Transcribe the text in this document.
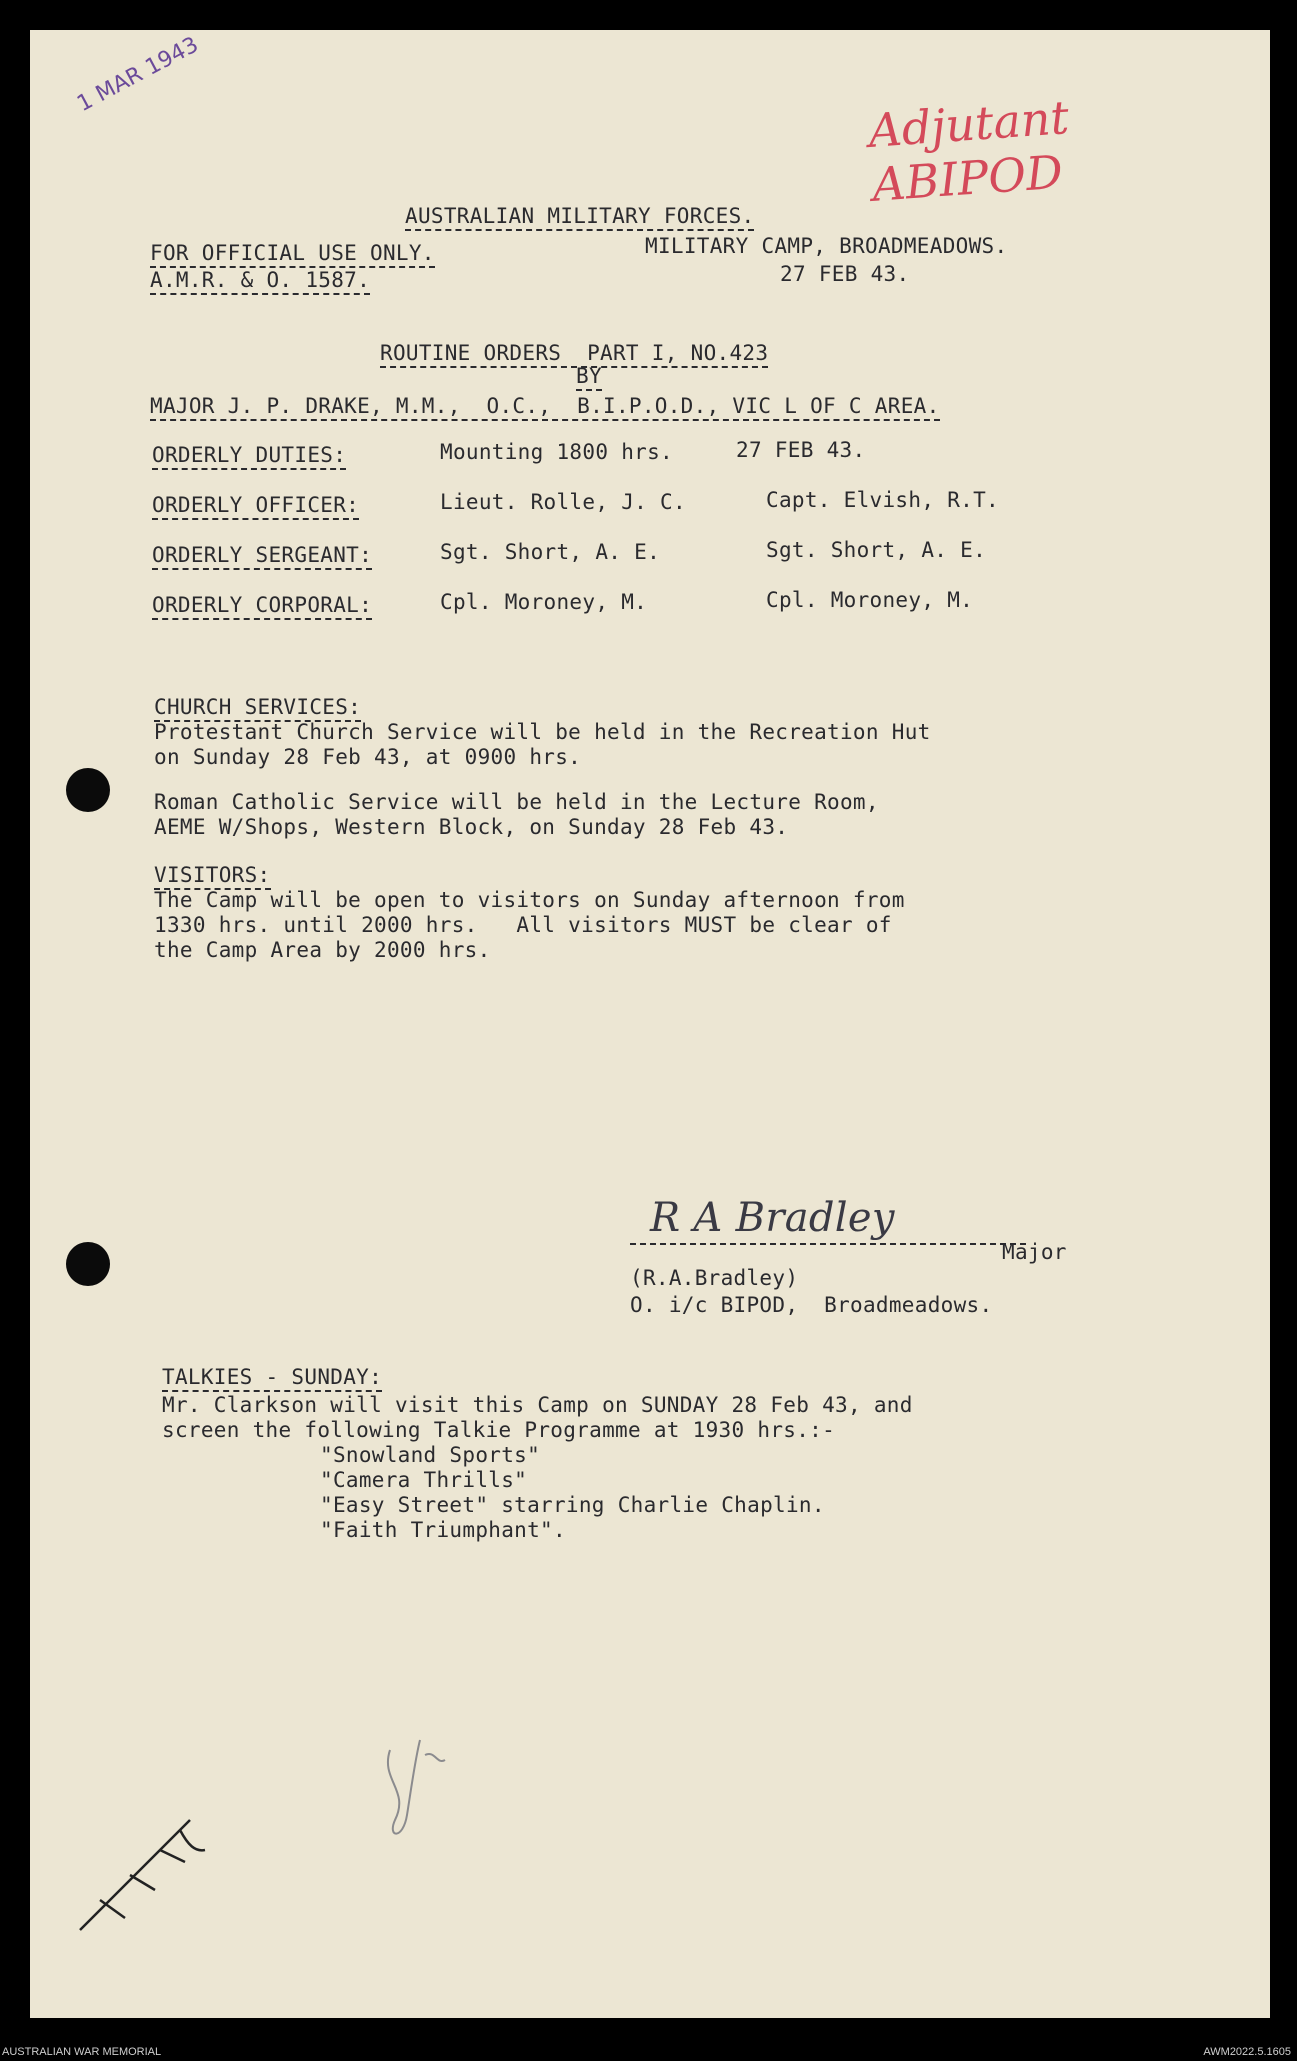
1 MAR 1943
Adjutant ABIPOD
AUSTRALIAN MILITARY FORCES.
FOR OFFICIAL USE ONLY.
A.M.R. & O. 1587.
MILITARY CAMP, BROADMEADOWS.
27 FEB 43.
ROUTINE ORDERS  PART I, NO.423
BY
MAJOR J. P. DRAKE, M.M.,  O.C.,  B.I.P.O.D., VIC L OF C AREA.
ORDERLY DUTIES:	Mounting 1800 hrs.	27 FEB 43.
ORDERLY OFFICER:	Lieut. Rolle, J. C.	Capt. Elvish, R.T.
ORDERLY SERGEANT:	Sgt. Short, A. E.	Sgt. Short, A. E.
ORDERLY CORPORAL:	Cpl. Moroney, M.	Cpl. Moroney, M.
CHURCH SERVICES:
Protestant Church Service will be held in the Recreation Hut
on Sunday 28 Feb 43, at 0900 hrs.
Roman Catholic Service will be held in the Lecture Room,
AEME W/Shops, Western Block, on Sunday 28 Feb 43.
VISITORS:
The Camp will be open to visitors on Sunday afternoon from
1330 hrs. until 2000 hrs.   All visitors MUST be clear of
the Camp Area by 2000 hrs.
R A Bradley
Major
(R.A.Bradley)
O. i/c BIPOD,  Broadmeadows.
TALKIES - SUNDAY:
Mr. Clarkson will visit this Camp on SUNDAY 28 Feb 43, and
screen the following Talkie Programme at 1930 hrs.:-
"Snowland Sports"
"Camera Thrills"
"Easy Street" starring Charlie Chaplin.
"Faith Triumphant".
AUSTRALIAN WAR MEMORIAL	AWM2022.5.1605
